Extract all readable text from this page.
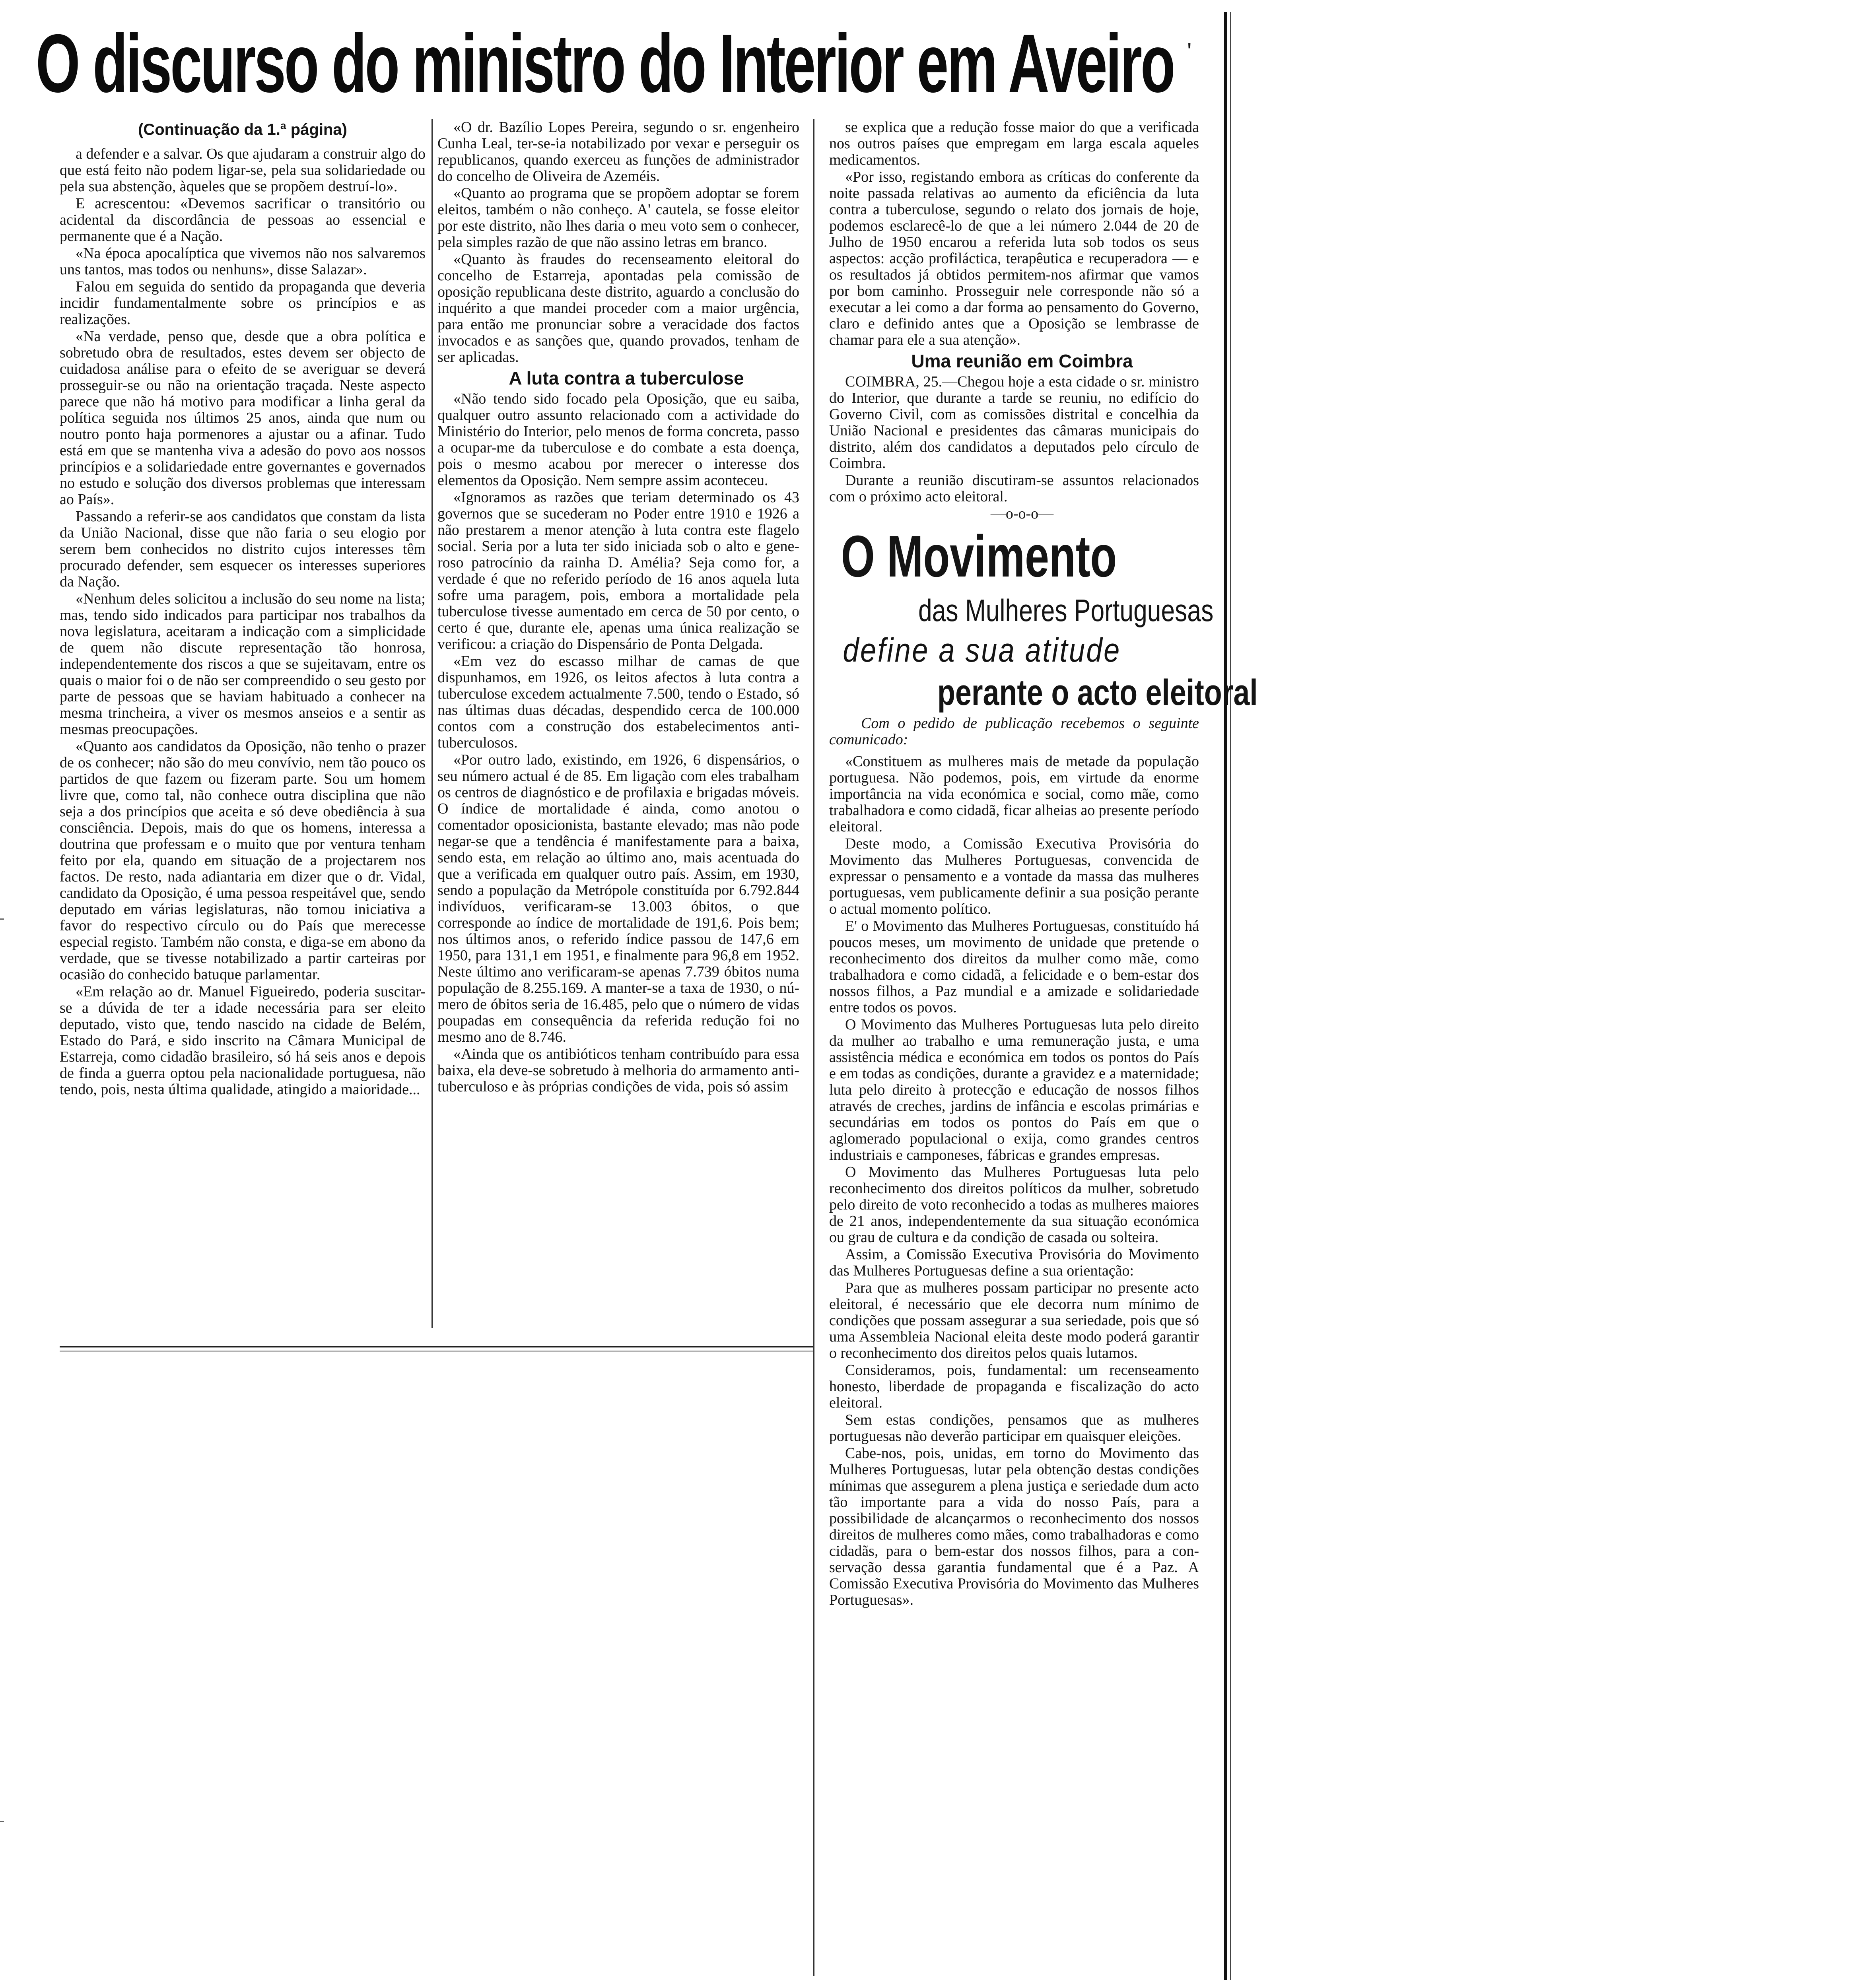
O discurso do ministro do Interior em Aveiro '

(Continuação da 1.ª página)

a defender e a salvar. Os que ajudaram a construir algo do que está feito não podem ligar-se, pela sua solidariedade ou pela sua abstenção, àqueles que se propõem destruí-lo».

E acrescentou: «Devemos sacrificar o transitório ou acidental da discordância de pessoas ao essencial e permanente que é a Nação.

«Na época apocalíptica que vivemos não nos salvaremos uns tantos, mas todos ou nenhuns», disse Salazar».

Falou em seguida do sentido da propaganda que deveria incidir fundamentalmente sobre os princípios e as realizações.

«Na verdade, penso que, desde que a obra política e sobretudo obra de resultados, estes devem ser objecto de cuidadosa análise para o efeito de se averiguar se deverá prosseguir-se ou não na orientação traçada. Neste aspecto parece que não há motivo para modificar a linha geral da política seguida nos últimos 25 anos, ainda que num ou noutro ponto haja pormenores a ajustar ou a afinar. Tudo está em que se mantenha viva a adesão do povo aos nossos princípios e a solidariedade entre governantes e governados no estudo e solução dos diversos problemas que interessam ao País».

Passando a referir-se aos candidatos que constam da lista da União Nacional, disse que não faria o seu elogio por serem bem conhecidos no distrito cujos interesses têm procurado defender, sem esquecer os interesses superiores da Nação.

«Nenhum deles solicitou a inclusão do seu nome na lista; mas, tendo sido indicados para participar nos trabalhos da nova legislatura, aceitaram a indicação com a simplicidade de quem não discute representação tão honrosa, independentemente dos riscos a que se sujeitavam, entre os quais o maior foi o de não ser compreendido o seu gesto por parte de pessoas que se haviam habituado a conhecer na mesma trincheira, a viver os mesmos anseios e a sentir as mesmas preocupações.

«Quanto aos candidatos da Oposição, não tenho o prazer de os conhecer; não são do meu convívio, nem tão pouco os partidos de que fazem ou fizeram parte. Sou um homem livre que, como tal, não conhece outra disciplina que não seja a dos princípios que aceita e só deve obediência à sua consciência. Depois, mais do que os homens, interessa a doutrina que professam e o muito que por ventura tenham feito por ela, quando em situação de a projectarem nos factos. De resto, nada adiantaria em dizer que o dr. Vidal, candidato da Oposição, é uma pessoa respeitável que, sendo deputado em várias legislaturas, não tomou iniciativa a favor do respectivo círculo ou do País que merecesse especial registo. Também não consta, e diga-se em abono da verdade, que se tivesse notabilizado a partir carteiras por ocasião do conhecido batuque parlamentar.

«Em relação ao dr. Manuel Figueiredo, poderia suscitar-se a dúvida de ter a idade necessária para ser eleito deputado, visto que, tendo nascido na cidade de Belém, Estado do Pará, e sido inscrito na Câmara Municipal de Estarreja, como cidadão brasileiro, só há seis anos e depois de finda a guerra optou pela nacionalidade portuguesa, não tendo, pois, nesta última qualidade, atingido a maioridade...

«O dr. Bazílio Lopes Pereira, segundo o sr. engenheiro Cunha Leal, ter-se-ia notabilizado por vexar e perseguir os republicanos, quando exerceu as funções de administrador do concelho de Oliveira de Azeméis.

«Quanto ao programa que se propõem adoptar se forem eleitos, também o não conheço. A' cautela, se fosse eleitor por este distrito, não lhes daria o meu voto sem o conhecer, pela simples razão de que não assino letras em branco.

«Quanto às fraudes do recenseamento eleitoral do concelho de Estarreja, apontadas pela comissão de oposição republicana deste distrito, aguardo a conclusão do inquérito a que mandei proceder com a maior urgência, para então me pronunciar sobre a veracidade dos factos invocados e as sanções que, quando provados, tenham de ser aplicadas.

A luta contra a tuberculose

«Não tendo sido focado pela Oposição, que eu saiba, qualquer outro assunto relacionado com a actividade do Ministério do Interior, pelo menos de forma concreta, passo a ocupar-me da tuberculose e do combate a esta doença, pois o mesmo acabou por merecer o interesse dos elementos da Oposição. Nem sempre assim aconteceu.

«Ignoramos as razões que teriam determinado os 43 governos que se sucederam no Poder entre 1910 e 1926 a não prestarem a menor atenção à luta contra este flagelo social. Seria por a luta ter sido iniciada sob o alto e generoso patrocínio da rainha D. Amélia? Seja como for, a verdade é que no referido período de 16 anos aquela luta sofre uma paragem, pois, embora a mortalidade pela tuberculose tivesse aumentado em cerca de 50 por cento, o certo é que, durante ele, apenas uma única realização se verificou: a criação do Dispensário de Ponta Delgada.

«Em vez do escasso milhar de camas de que dispunhamos, em 1926, os leitos afectos à luta contra a tuberculose excedem actualmente 7.500, tendo o Estado, só nas últimas duas décadas, despendido cerca de 100.000 contos com a construção dos estabelecimentos anti-tuberculosos.

«Por outro lado, existindo, em 1926, 6 dispensários, o seu número actual é de 85. Em ligação com eles trabalham os centros de diagnóstico e de profilaxia e brigadas móveis. O índice de mortalidade é ainda, como anotou o comentador oposicionista, bastante elevado; mas não pode negar-se que a tendência é manifestamente para a baixa, sendo esta, em relação ao último ano, mais acentuada do que a verificada em qualquer outro país. Assim, em 1930, sendo a população da Metrópole constituída por 6.792.844 indivíduos, verificaram-se 13.003 óbitos, o que corresponde ao índice de mortalidade de 191,6. Pois bem; nos últimos anos, o referido índice passou de 147,6 em 1950, para 131,1 em 1951, e finalmente para 96,8 em 1952. Neste último ano verificaram-se apenas 7.739 óbitos numa população de 8.255.169. A manter-se a taxa de 1930, o número de óbitos seria de 16.485, pelo que o número de vidas poupadas em consequência da referida redução foi no mesmo ano de 8.746.

«Ainda que os antibióticos tenham contribuído para essa baixa, ela deve-se sobretudo à melhoria do armamento anti-tuberculoso e às próprias condições de vida, pois só assim

se explica que a redução fosse maior do que a verificada nos outros países que empregam em larga escala aqueles medicamentos.

«Por isso, registando embora as críticas do conferente da noite passada relativas ao aumento da eficiência da luta contra a tuberculose, segundo o relato dos jornais de hoje, podemos esclarecê-lo de que a lei número 2.044 de 20 de Julho de 1950 encarou a referida luta sob todos os seus aspectos: acção profiláctica, terapêutica e recuperadora — e os resultados já obtidos permitem-nos afirmar que vamos por bom caminho. Prosseguir nele corresponde não só a executar a lei como a dar forma ao pensamento do Governo, claro e definido antes que a Oposição se lembrasse de chamar para ele a sua atenção».

Uma reunião em Coimbra

COIMBRA, 25.—Chegou hoje a esta cidade o sr. ministro do Interior, que durante a tarde se reuniu, no edifício do Governo Civil, com as comissões distrital e concelhia da União Nacional e presidentes das câmaras municipais do distrito, além dos candidatos a deputados pelo círculo de Coimbra.

Durante a reunião discutiram-se assuntos relacionados com o próximo acto eleitoral.

—o-o-o—

O Movimento

das Mulheres Portuguesas

define a sua atitude

perante o acto eleitoral

Com o pedido de publicação recebemos o seguinte comunicado:

«Constituem as mulheres mais de metade da população portuguesa. Não podemos, pois, em virtude da enorme importância na vida económica e social, como mãe, como trabalhadora e como cidadã, ficar alheias ao presente período eleitoral.

Deste modo, a Comissão Executiva Provisória do Movimento das Mulheres Portuguesas, convencida de expressar o pensamento e a vontade da massa das mulheres portuguesas, vem publicamente definir a sua posição perante o actual momento político.

E' o Movimento das Mulheres Portuguesas, constituído há poucos meses, um movimento de unidade que pretende o reconhecimento dos direitos da mulher como mãe, como trabalhadora e como cidadã, a felicidade e o bem-estar dos nossos filhos, a Paz mundial e a amizade e solidariedade entre todos os povos.

O Movimento das Mulheres Portuguesas luta pelo direito da mulher ao trabalho e uma remuneração justa, e uma assistência médica e económica em todos os pontos do País e em todas as condições, durante a gravidez e a maternidade; luta pelo direito à protecção e educação de nossos filhos através de creches, jardins de infância e escolas primárias e secundárias em todos os pontos do País em que o aglomerado populacional o exija, como grandes centros industriais e camponeses, fábricas e grandes empresas.

O Movimento das Mulheres Portuguesas luta pelo reconhecimento dos direitos políticos da mulher, sobretudo pelo direito de voto reconhecido a todas as mulheres maiores de 21 anos, independentemente da sua situação económica ou grau de cultura e da condição de casada ou solteira.

Assim, a Comissão Executiva Provisória do Movimento das Mulheres Portuguesas define a sua orientação:

Para que as mulheres possam participar no presente acto eleitoral, é necessário que ele decorra num mínimo de condições que possam assegurar a sua seriedade, pois que só uma Assembleia Nacional eleita deste modo poderá garantir o reconhecimento dos direitos pelos quais lutamos.

Consideramos, pois, fundamental: um recenseamento honesto, liberdade de propaganda e fiscalização do acto eleitoral.

Sem estas condições, pensamos que as mulheres portuguesas não deverão participar em quaisquer eleições.

Cabe-nos, pois, unidas, em torno do Movimento das Mulheres Portuguesas, lutar pela obtenção destas condições mínimas que assegurem a plena justiça e seriedade dum acto tão importante para a vida do nosso País, para a possibilidade de alcançarmos o reconhecimento dos nossos direitos de mulheres como mães, como trabalhadoras e como cidadãs, para o bem-estar dos nossos filhos, para a conservação dessa garantia fundamental que é a Paz. A Comissão Executiva Provisória do Movimento das Mulheres Portuguesas».
